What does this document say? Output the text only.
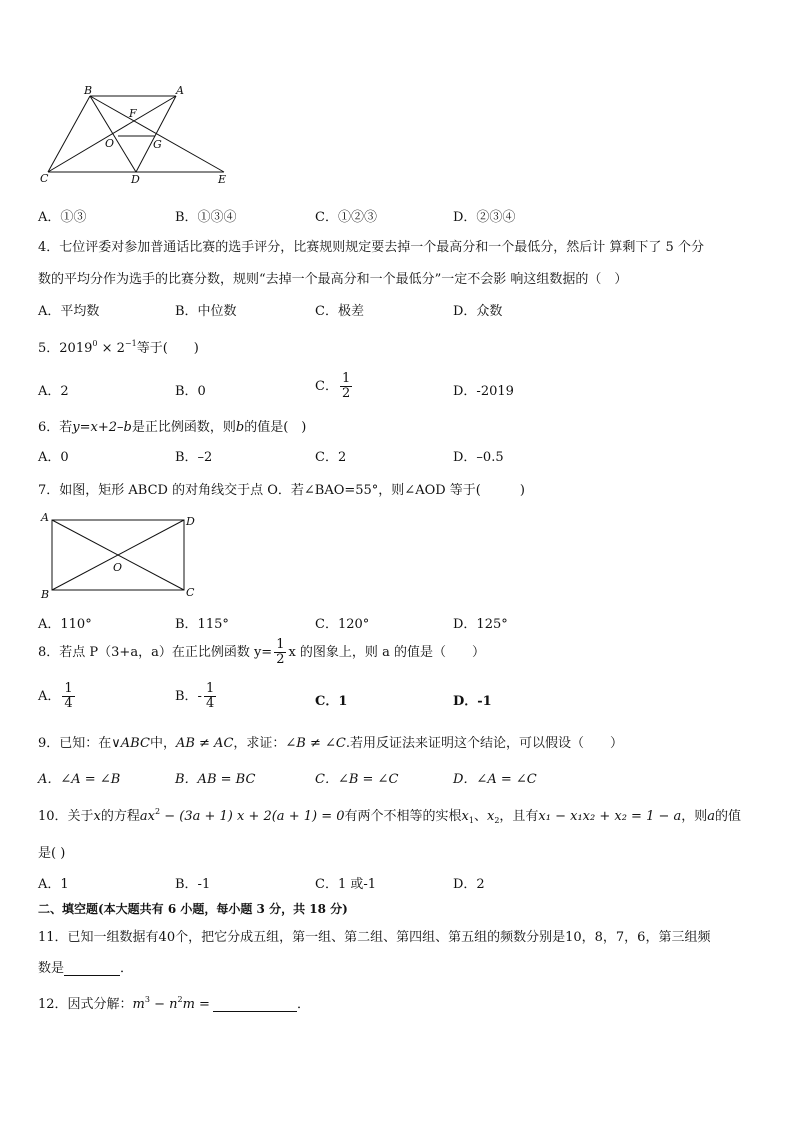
B	A
F
O	G
C	D	E
A．①③	B．①③④	C．①②③	D．②③④
4．七位评委对参加普通话比赛的选手评分，比赛规则规定要去掉一个最高分和一个最低分，然后计 算剩下了 5 个分
数的平均分作为选手的比赛分数，规则“去掉一个最高分和一个最低分”一定不会影 响这组数据的（　）
A．平均数	B．中位数	C．极差	D．众数
5．$2019^0 \times 2^{-1}$等于(　　)
A．2	B．0	C． $\frac{1}{2}$	D．-2019
6．若y=x+2–b是正比例函数，则b的值是(　)
A．0	B．–2	C．2	D．–0.5
7．如图，矩形 ABCD 的对角线交于点 O．若∠BAO=55°，则∠AOD 等于(　　　)
A	D
O
B	C
A．110°	B．115°	C．120°	D．125°
8．若点 P（3+a，a）在正比例函数 $y= \frac{1}{2}$ x 的图象上，则 a 的值是（　　）
A． $\frac{1}{4}$	B．- $\frac{1}{4}$	C．1	D．-1
9．已知：在∨ABC中，AB ≠ AC，求证：∠B ≠ ∠C.若用反证法来证明这个结论，可以假设（　　）
A．∠A = ∠B	B．AB = BC	C．∠B = ∠C	D．∠A = ∠C
10．关于x的方程$ax^2 - (3a + 1) x + 2(a + 1) = 0$有两个不相等的实根$x_1$、$x_2$，且有x₁ − x₁x₂ + x₂ = 1 − a，则a的值
是( )
A．1	B．-1	C．1 或-1	D．2
二、填空题(本大题共有 6 小题，每小题 3 分，共 18 分)
11．已知一组数据有40个，把它分成五组，第一组、第二组、第四组、第五组的频数分别是10，8，7，6，第三组频
数是	．
12．因式分解：$m^3 - n^2m$ =	．
